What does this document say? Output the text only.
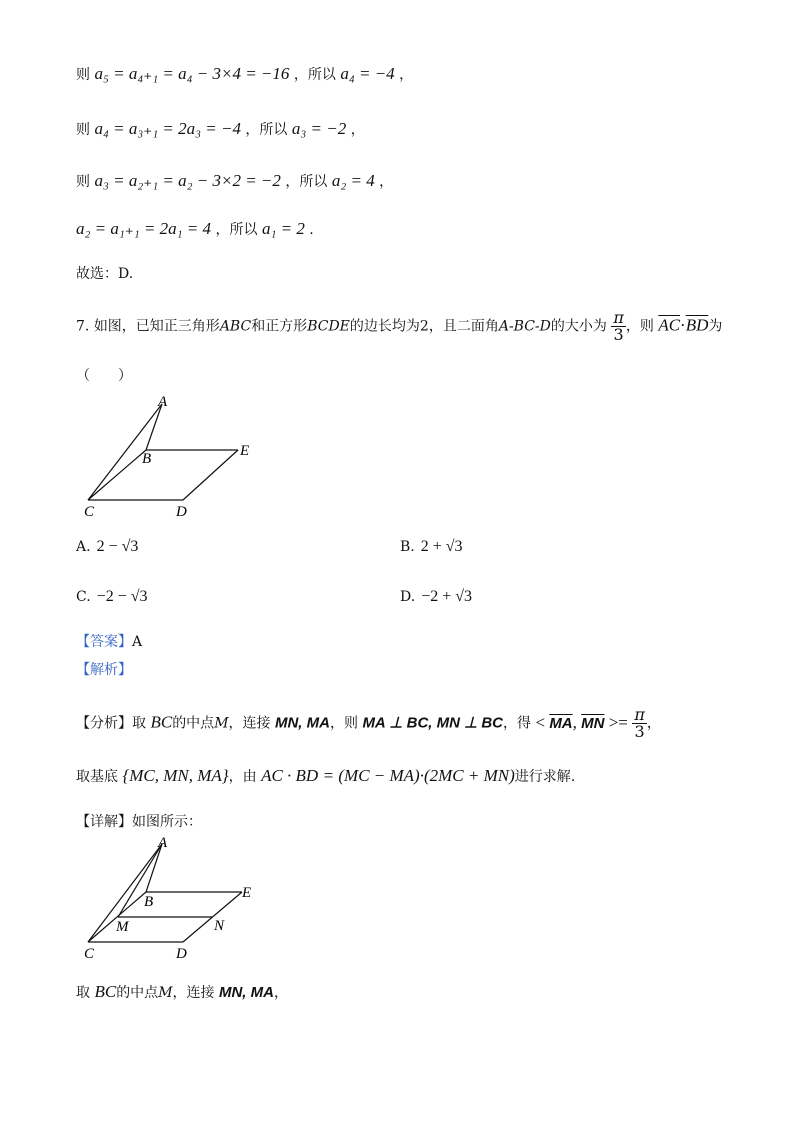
则 a₅ = a₄₊₁ = a₄ − 3×4 = −16 ，所以 a₄ = −4 ，
则 a₄ = a₃₊₁ = 2a₃ = −4 ，所以 a₃ = −2 ，
则 a₃ = a₂₊₁ = a₂ − 3×2 = −2 ，所以 a₂ = 4 ，
a₂ = a₁₊₁ = 2a₁ = 4 ，所以 a₁ = 2 .
故选：D.
7. 如图，已知正三角形ABC和正方形BCDE的边长均为2，且二面角A-BC-D的大小为 $\frac{\pi}{3}$ ，则 $\overline{AC}\cdot\overline{BD}$为
（　　）
A
B	E
C	D
A. 2 − √3	B. 2 + √3
C. −2 − √3	D. −2 + √3
【答案】A
【解析】
【分析】取 BC的中点M，连接 MN, MA，则 MA ⊥ BC, MN ⊥ BC，得 < $\overline{MA}$, $\overline{MN} >= \frac{\pi}{3}$ ，
取基底 {MC, MN, MA}，由 AC · BD = (MC − MA)·(2MC + MN)进行求解.
【详解】如图所示：
A
B
E
M	N
C	D
取 BC的中点M，连接 MN, MA，
